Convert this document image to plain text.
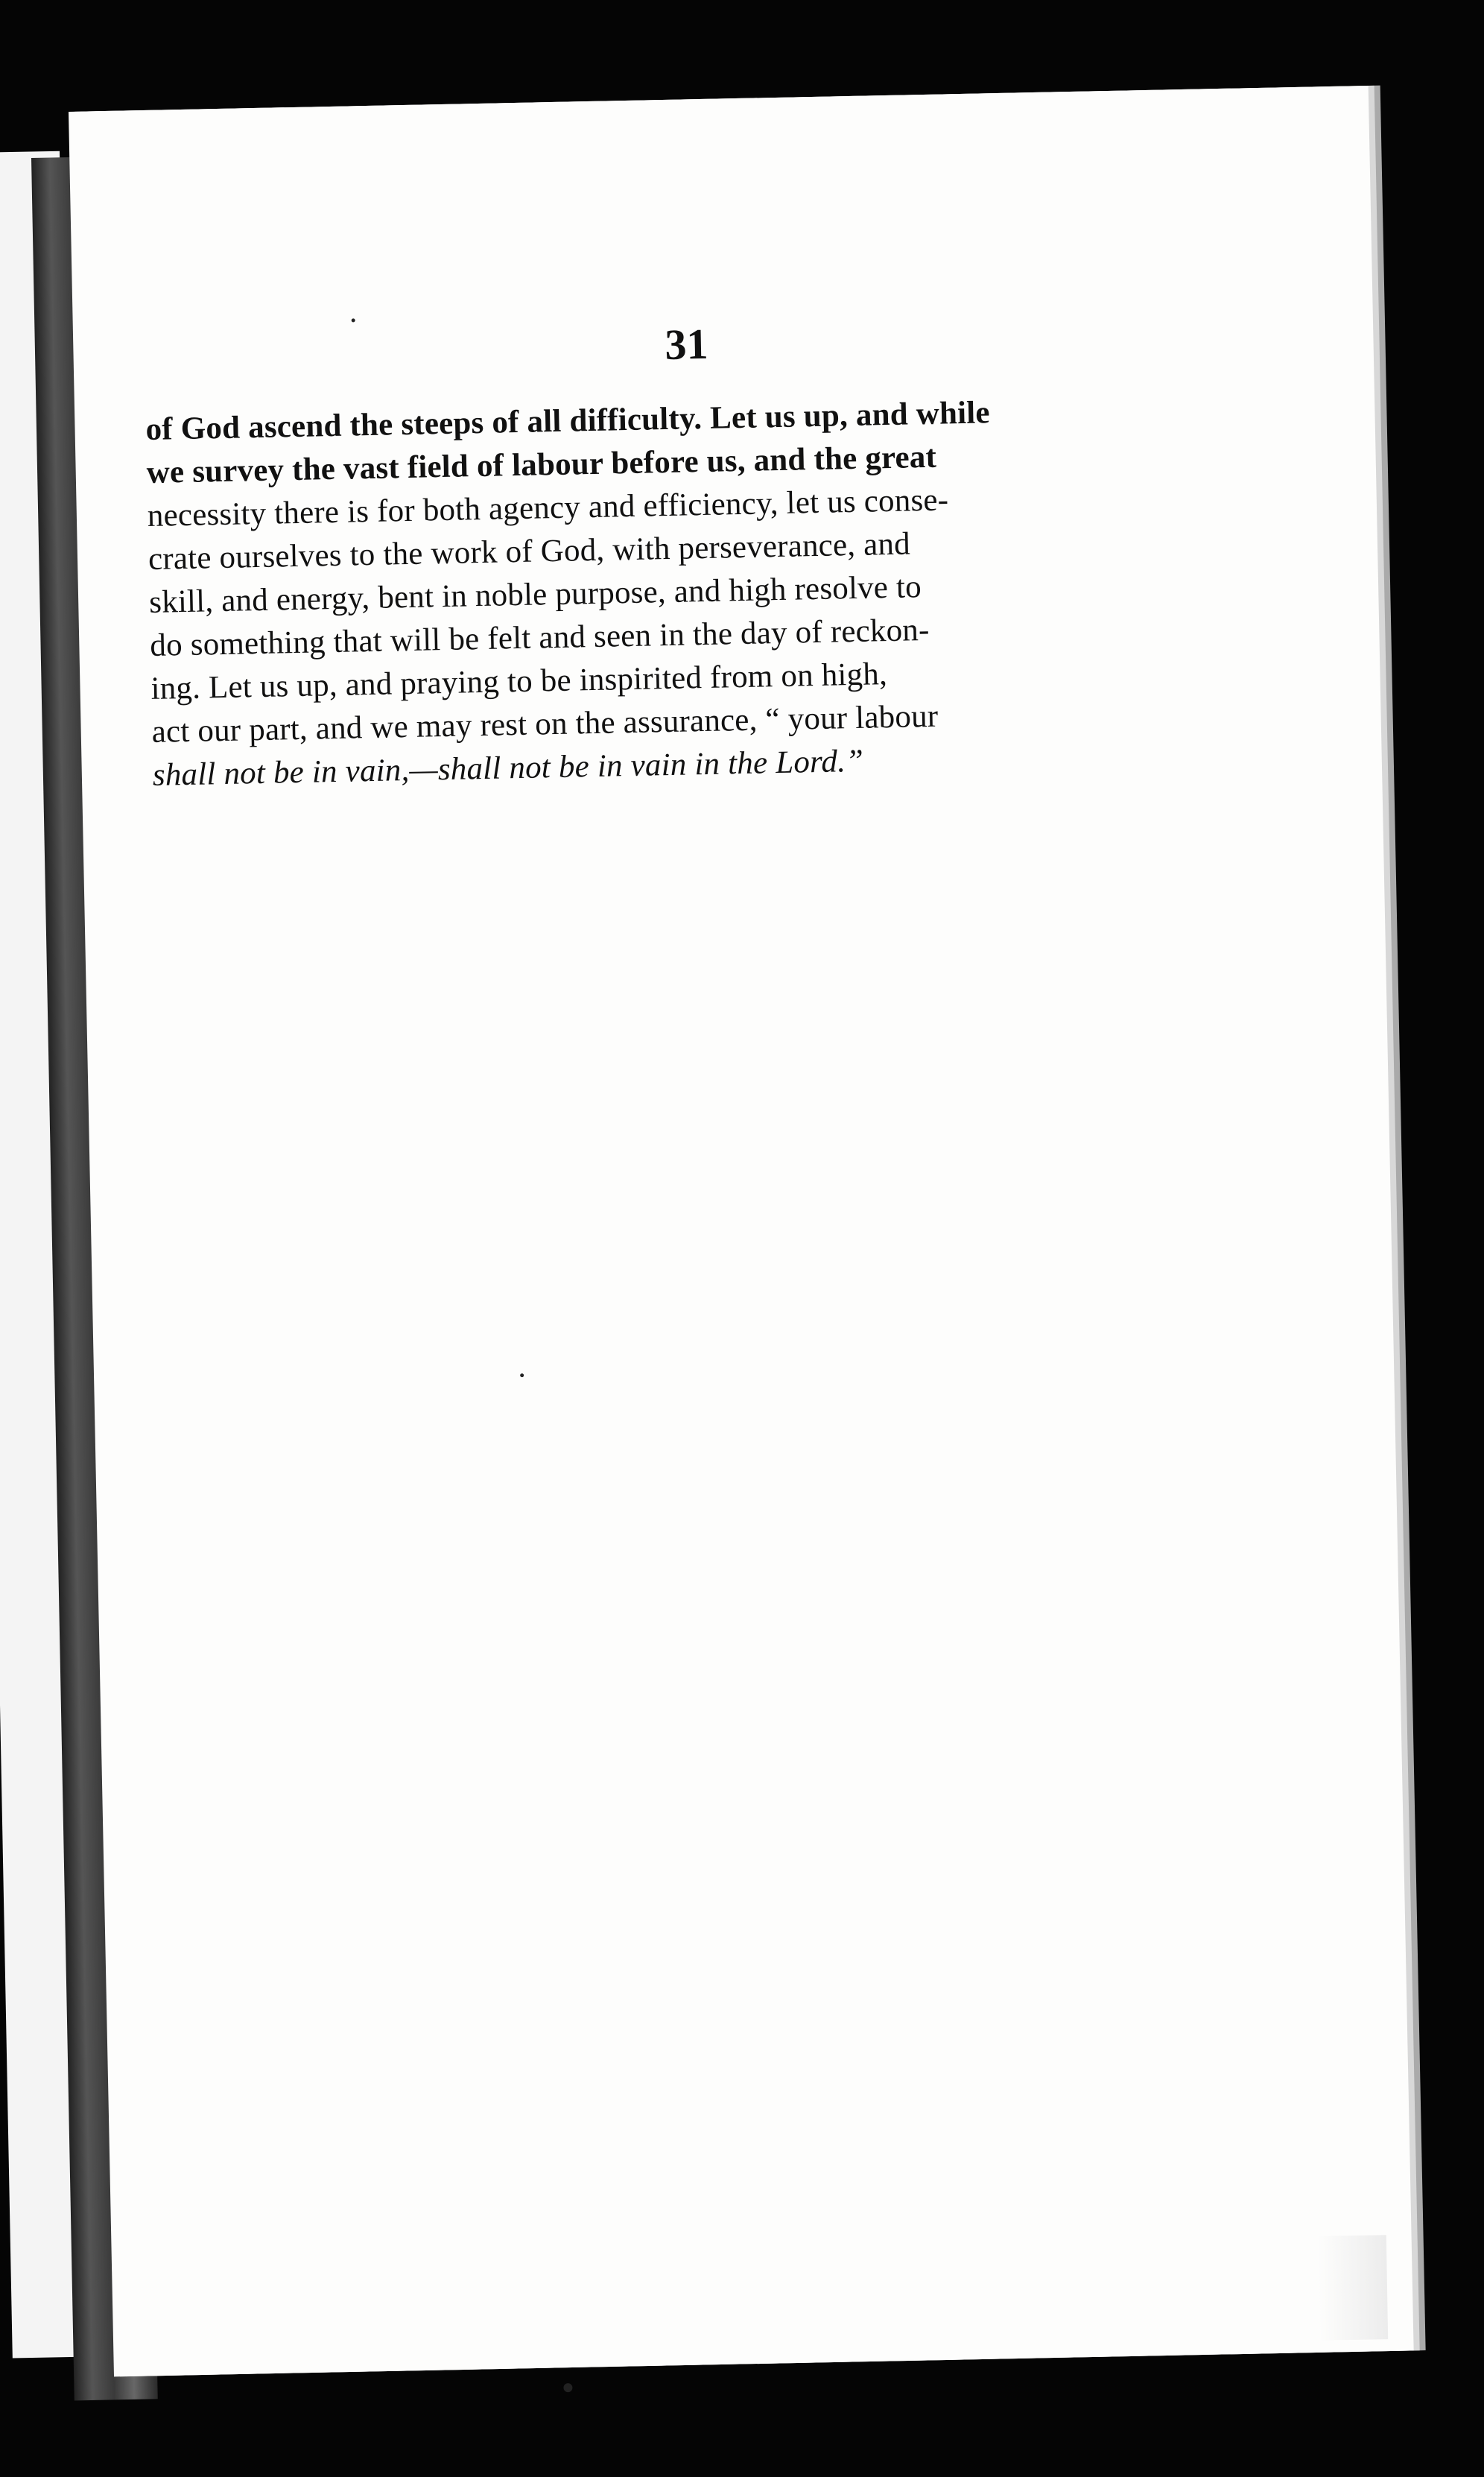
31

of God ascend the steeps of all difficulty. Let us up, and while
we survey the vast field of labour before us, and the great
necessity there is for both agency and efficiency, let us conse-
crate ourselves to the work of God, with perseverance, and
skill, and energy, bent in noble purpose, and high resolve to
do something that will be felt and seen in the day of reckon-
ing. Let us up, and praying to be inspirited from on high,
act our part, and we may rest on the assurance, “ your labour
shall not be in vain,—shall not be in vain in the Lord.”
